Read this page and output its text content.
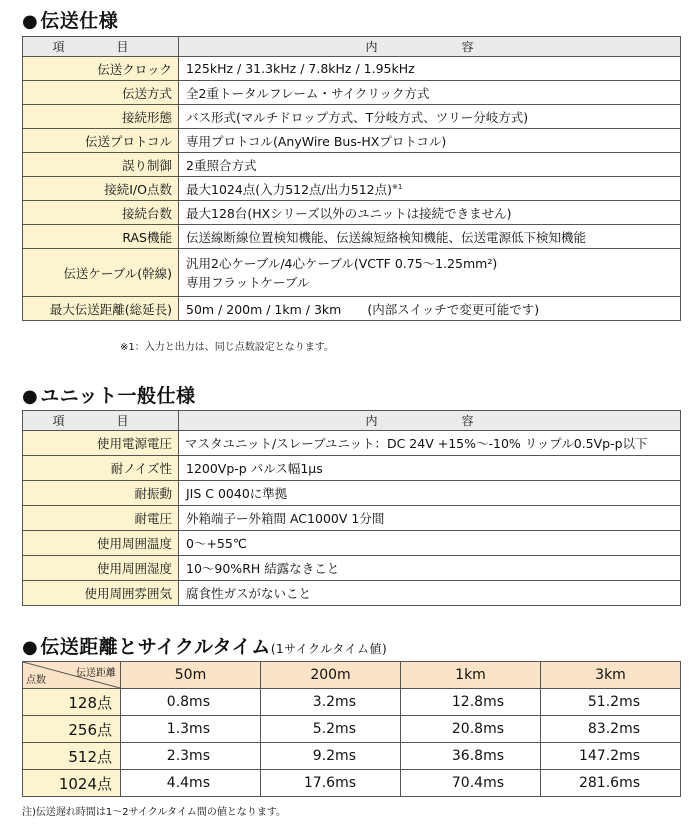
● 伝送仕様
項　目	内　　容
伝送クロック	125kHz / 31.3kHz / 7.8kHz / 1.95kHz
伝送方式	全2重トータルフレーム・サイクリック方式
接続形態	バス形式(マルチドロップ方式、T分岐方式、ツリー分岐方式)
伝送プロトコル	専用プロトコル(AnyWire Bus-HXプロトコル)
誤り制御	2重照合方式
接続I/O点数	最大1024点(入力512点/出力512点)$^{※1}$
接続台数	最大128台(HXシリーズ以外のユニットは接続できません)
RAS機能	伝送線断線位置検知機能、伝送線短絡検知機能、伝送電源低下検知機能
伝送ケーブル(幹線)	汎用2心ケーブル/4心ケーブル(VCTF 0.75〜1.25mm²)
専用フラットケーブル

最大伝送距離(総延長)	50m / 200m / 1km / 3km (内部スイッチで変更可能です)
※1：入力と出力は、同じ点数設定となります。
● ユニット一般仕様
項　目	内　　容
使用電源電圧	マスタユニット/スレーブユニット：DC 24V +15%〜-10% リップル0.5Vp-p以下
耐ノイズ性	1200Vp-p パルス幅1μs
耐振動	JIS C 0040に準拠
耐電圧	外箱端子ー外箱間 AC1000V 1分間
使用周囲温度	0〜+55℃
使用周囲湿度	10〜90%RH 結露なきこと
使用周囲雰囲気	腐食性ガスがないこと
● 伝送距離とサイクルタイム(1サイクルタイム値)
伝送距離
点数	50m	200m	1km	3km
128点	0.8ms	3.2ms	12.8ms	51.2ms
256点	1.3ms	5.2ms	20.8ms	83.2ms
512点	2.3ms	9.2ms	36.8ms	147.2ms
1024点	4.4ms	17.6ms	70.4ms	281.6ms
注)伝送遅れ時間は1〜2サイクルタイム間の値となります。
